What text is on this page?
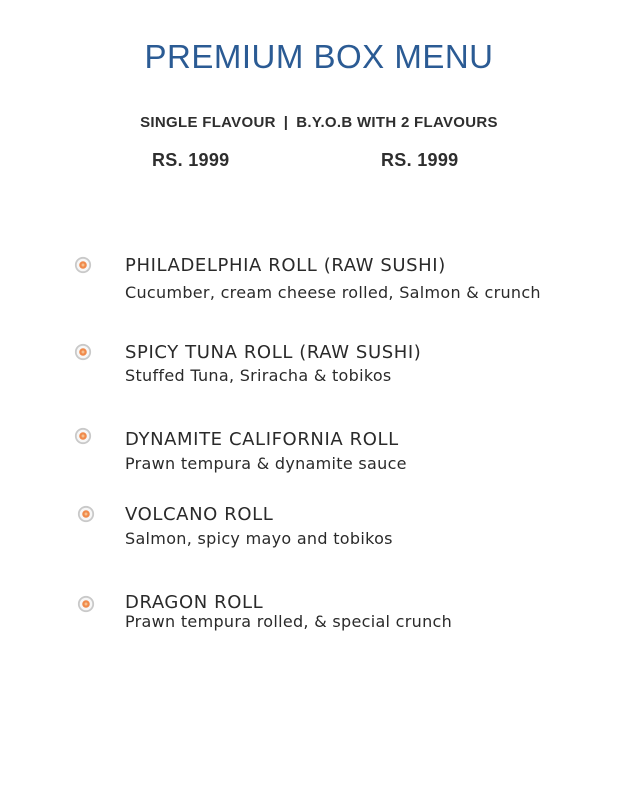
PREMIUM BOX MENU
SINGLE FLAVOUR | B.Y.O.B WITH 2 FLAVOURS
RS. 1999	RS. 1999
PHILADELPHIA ROLL (RAW SUSHI)
Cucumber, cream cheese rolled, Salmon & crunch
SPICY TUNA ROLL (RAW SUSHI)
Stuffed Tuna, Sriracha & tobikos
DYNAMITE CALIFORNIA ROLL
Prawn tempura & dynamite sauce
VOLCANO ROLL
Salmon, spicy mayo and tobikos
DRAGON ROLL
Prawn tempura rolled, & special crunch
